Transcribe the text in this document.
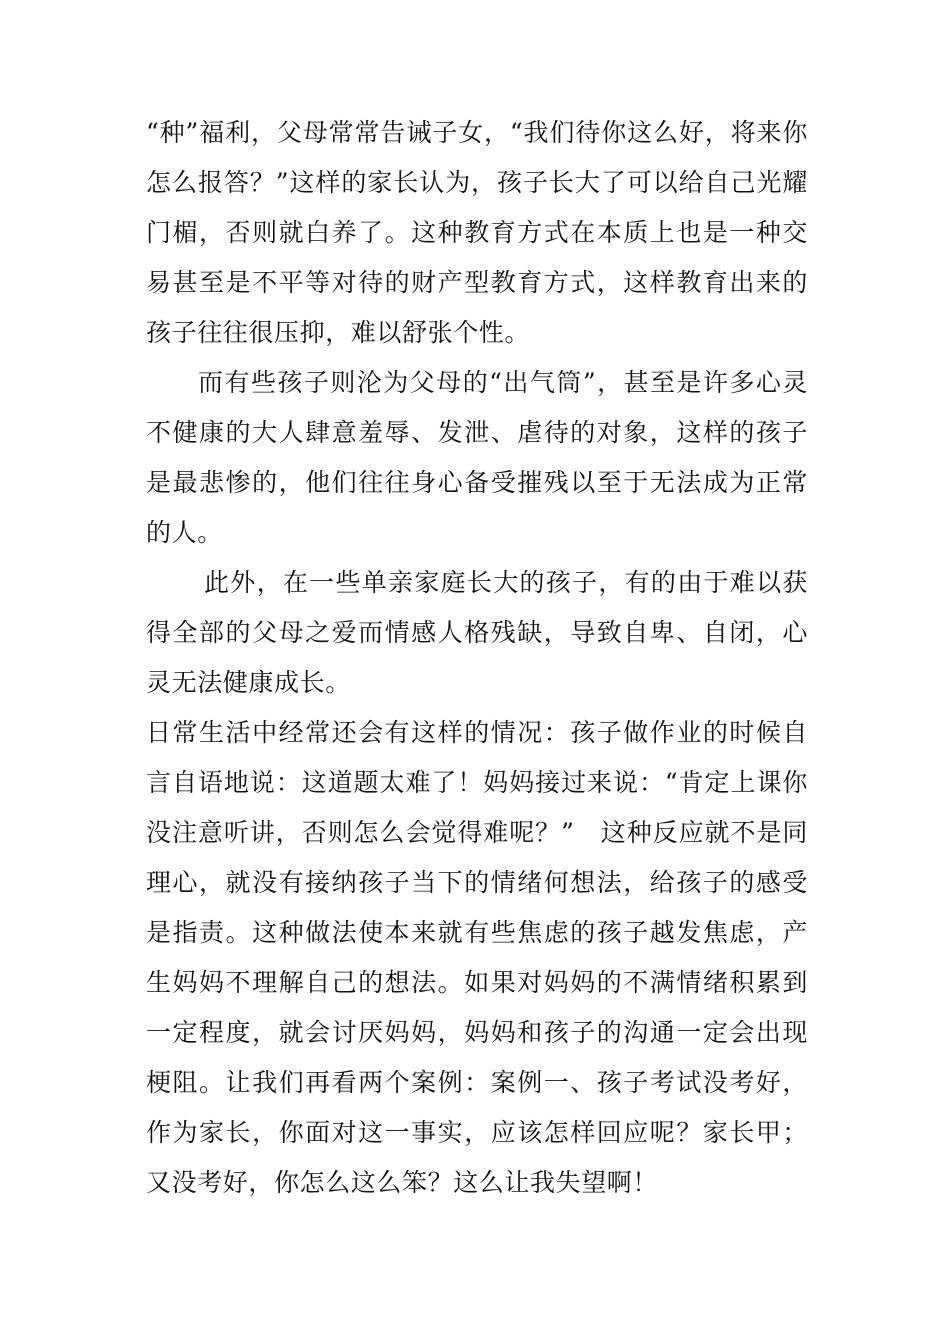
“种”福利，父母常常告诫子女，“我们待你这么好，将来你怎么报答？”这样的家长认为，孩子长大了可以给自己光耀门楣，否则就白养了。这种教育方式在本质上也是一种交易甚至是不平等对待的财产型教育方式，这样教育出来的孩子往往很压抑，难以舒张个性。

而有些孩子则沦为父母的“出气筒”，甚至是许多心灵不健康的大人肆意羞辱、发泄、虐待的对象，这样的孩子是最悲惨的，他们往往身心备受摧残以至于无法成为正常的人。

此外，在一些单亲家庭长大的孩子，有的由于难以获得全部的父母之爱而情感人格残缺，导致自卑、自闭，心灵无法健康成长。

日常生活中经常还会有这样的情况：孩子做作业的时候自言自语地说：这道题太难了！妈妈接过来说：“肯定上课你没注意听讲，否则怎么会觉得难呢？”　这种反应就不是同理心，就没有接纳孩子当下的情绪何想法，给孩子的感受是指责。这种做法使本来就有些焦虑的孩子越发焦虑，产生妈妈不理解自己的想法。如果对妈妈的不满情绪积累到一定程度，就会讨厌妈妈，妈妈和孩子的沟通一定会出现梗阻。让我们再看两个案例：案例一、孩子考试没考好，作为家长，你面对这一事实，应该怎样回应呢？家长甲；又没考好，你怎么这么笨？这么让我失望啊！
